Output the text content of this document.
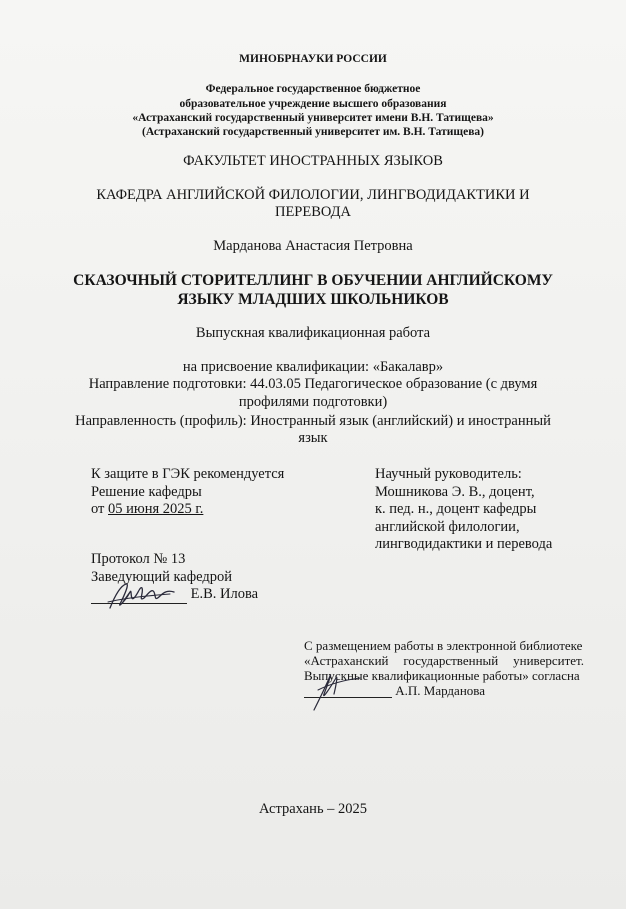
МИНОБРНАУКИ РОССИИ
Федеральное государственное бюджетное
образовательное учреждение высшего образования
«Астраханский государственный университет имени В.Н. Татищева»
(Астраханский государственный университет им. В.Н. Татищева)
ФАКУЛЬТЕТ ИНОСТРАННЫХ ЯЗЫКОВ
КАФЕДРА АНГЛИЙСКОЙ ФИЛОЛОГИИ, ЛИНГВОДИДАКТИКИ И
ПЕРЕВОДА
Марданова Анастасия Петровна
СКАЗОЧНЫЙ СТОРИТЕЛЛИНГ В ОБУЧЕНИИ АНГЛИЙСКОМУ
ЯЗЫКУ МЛАДШИХ ШКОЛЬНИКОВ
Выпускная квалификационная работа
на присвоение квалификации: «Бакалавр»
Направление подготовки: 44.03.05 Педагогическое образование (с двумя
профилями подготовки)
Направленность (профиль): Иностранный язык (английский) и иностранный
язык
К защите в ГЭК рекомендуется
Решение кафедры
от 05 июня 2025 г.
Научный руководитель:
Мошникова Э. В., доцент,
к. пед. н., доцент кафедры
английской филологии,
лингводидактики и перевода
Протокол № 13
Заведующий кафедрой
Е.В. Илова
С размещением работы в электронной библиотеке
«Астраханский государственный университет.
Выпускные квалификационные работы» согласна
А.П. Марданова
Астрахань – 2025
